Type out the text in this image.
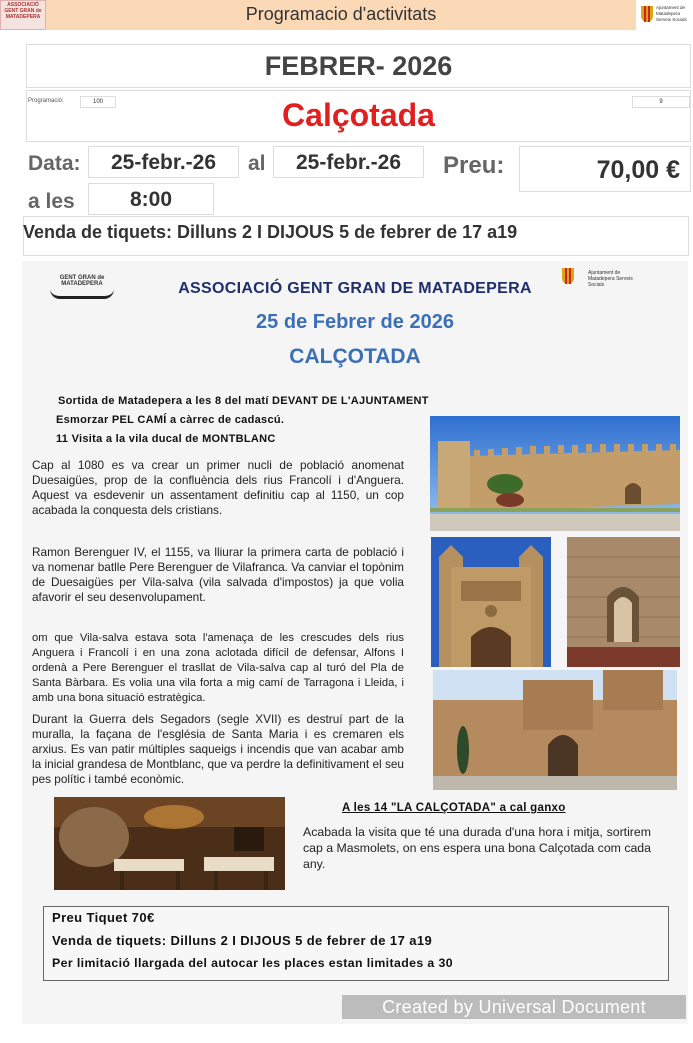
ASSOCIACIÓ GENT GRAN de MATADEPERA	Programacio d'activitats	Ajuntament de Matadepera Serveis Socials
FEBRER- 2026
Programació:	100	9
Calçotada
Data:	25-febr.-26	al	25-febr.-26	Preu:	70,00 €
a les	8:00
Venda de tiquets: Dilluns 2 I DIJOUS 5 de febrer de 17 a19
GENT GRAN de MATADEPERA
Ajuntament de Matadepera Serveis Socials
ASSOCIACIÓ GENT GRAN DE MATADEPERA
25 de Febrer de 2026
CALÇOTADA
Sortida de Matadepera a les 8 del matí DEVANT DE L'AJUNTAMENT
Esmorzar PEL CAMÍ a càrrec de cadascú.
11 Visita a la vila ducal de MONTBLANC
Cap al 1080 es va crear un primer nucli de població anomenat Duesaigües, prop de la confluència dels rius Francolí i d'Anguera. Aquest va esdevenir un assentament definitiu cap al 1150, un cop acabada la conquesta dels cristians.
Ramon Berenguer IV, el 1155, va lliurar la primera carta de població i va nomenar batlle Pere Berenguer de Vilafranca. Va canviar el topònim de Duesaigües per Vila-salva (vila salvada d'impostos) ja que volia afavorir el seu desenvolupament.
om que Vila-salva estava sota l'amenaça de les crescudes dels rius Anguera i Francolí i en una zona aclotada difícil de defensar, Alfons I ordenà a Pere Berenguer el trasllat de Vila-salva cap al turó del Pla de Santa Bàrbara. Es volia una vila forta a mig camí de Tarragona i Lleida, i amb una bona situació estratègica.
Durant la Guerra dels Segadors (segle XVII) es destruí part de la muralla, la façana de l'església de Santa Maria i es cremaren els arxius. Es van patir múltiples saqueigs i incendis que van acabar amb la inicial grandesa de Montblanc, que va perdre la definitivament el seu pes polític i també econòmic.
A les 14 "LA CALÇOTADA" a cal ganxo
Acabada la visita que té una durada d'una hora i mitja, sortirem cap a Masmolets, on ens espera una bona Calçotada com cada any.
Preu Tiquet 70€
Venda de tiquets: Dilluns 2 I DIJOUS 5 de febrer de 17 a19
Per limitació llargada del autocar les places estan limitades a 30
Created by Universal Document Converter
